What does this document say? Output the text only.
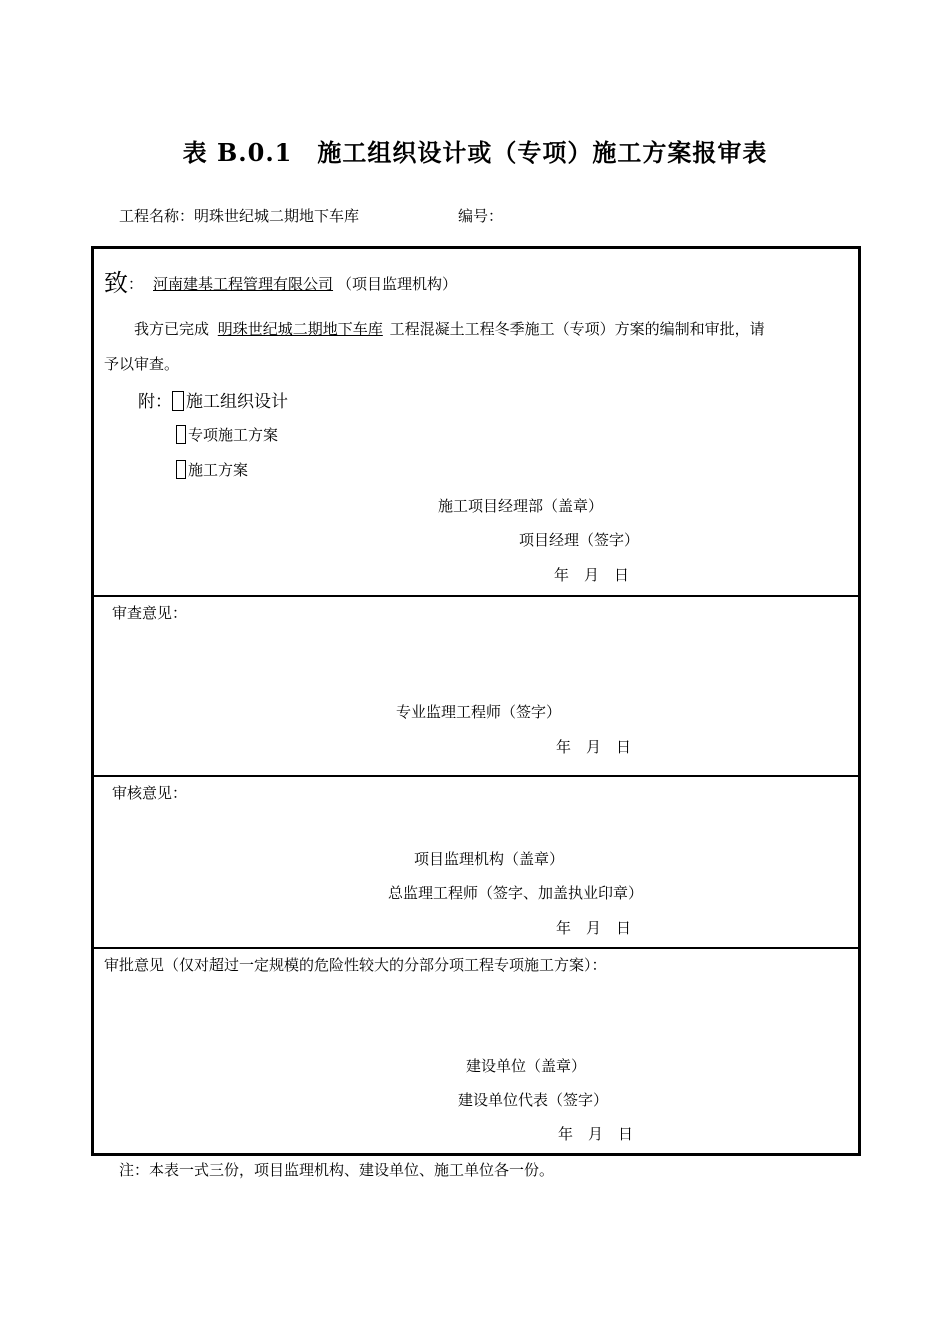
表 B.0.1　施工组织设计或（专项）施工方案报审表
工程名称：明珠世纪城二期地下车库	编号：
致： 河南建基工程管理有限公司 （项目监理机构）
我方已完成 明珠世纪城二期地下车库 工程混凝土工程冬季施工（专项）方案的编制和审批，请
予以审查。
附： 施工组织设计
专项施工方案
施工方案
施工项目经理部（盖章）
项目经理（签字）
年　月　日
审查意见：
专业监理工程师（签字）
年　月　日
审核意见：
项目监理机构（盖章）
总监理工程师（签字、加盖执业印章）
年　月　日
审批意见（仅对超过一定规模的危险性较大的分部分项工程专项施工方案）：
建设单位（盖章）
建设单位代表（签字）
年　月　日
注：本表一式三份，项目监理机构、建设单位、施工单位各一份。
